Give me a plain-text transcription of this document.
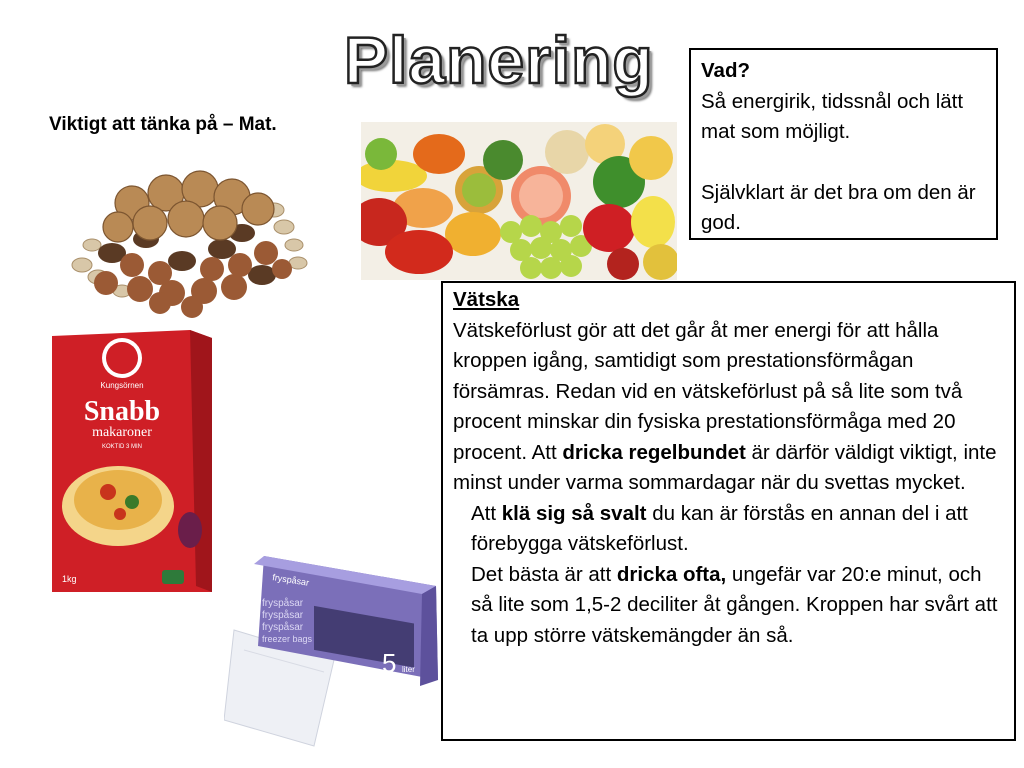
Planering
Viktigt att tänka på – Mat.
Kungsörnen
Snabb
makaroner
KOKTID 3 MIN
1kg	fryspåsar
fryspåsar
fryspåsar
fryspåsar
freezer bags
5 liter
Vad?

Så energirik, tidssnål och lätt mat som möjligt.

Självklart är det bra om den är god.

Vätska

Vätskeförlust gör att det går åt mer energi för att hålla kroppen igång, samtidigt som prestationsförmågan försämras. Redan vid en vätskeförlust på så lite som två procent minskar din fysiska prestationsförmåga med 20 procent. Att dricka regelbundet är därför väldigt viktigt, inte minst under varma sommardagar när du svettas mycket.

Att klä sig så svalt du kan är förstås en annan del i att förebygga vätskeförlust.

Det bästa är att dricka ofta, ungefär var 20:e minut, och så lite som 1,5-2 deciliter åt gången. Kroppen har svårt att ta upp större vätskemängder än så.
